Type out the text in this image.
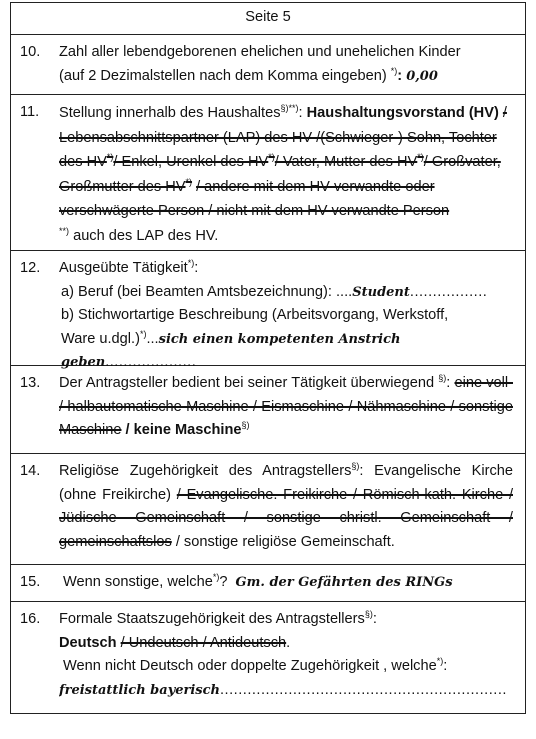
Seite 5
10. Zahl aller lebendgeborenen ehelichen und unehelichen Kinder
(auf 2 Dezimalstellen nach dem Komma eingeben) *): 0,00
11.	Stellung innerhalb des Haushaltes§)**): Haushaltungsvorstand (HV) / Lebensabschnittspartner (LAP) des HV /(Schwieger-) Sohn, Tochter des HV*)/ Enkel, Urenkel des HV*)/ Vater, Mutter des HV*)/ Großvater, Großmutter des HV*) / andere mit dem HV verwandte oder verschwägerte Person / nicht mit dem HV verwandte Person **) auch des LAP des HV.
12. Ausgeübte Tätigkeit*):
a) Beruf (bei Beamten Amtsbezeichnung): ....Student.................
b) Stichwortartige Beschreibung (Arbeitsvorgang, Werkstoff,
Ware u.dgl.)*)...sich einen kompetenten Anstrich geben....................
13.	Der Antragsteller bedient bei seiner Tätigkeit überwiegend §): eine voll- / halbautomatische Maschine / Eismaschine / Nähmaschine / sonstige Maschine / keine Maschine§)
14.	Religiöse Zugehörigkeit des Antragstellers§): Evangelische Kirche (ohne Freikirche) / Evangelische. Freikirche / Römisch-kath. Kirche / Jüdische Gemeinschaft / sonstige christl. Gemeinschaft / gemeinschaftslos / sonstige religiöse Gemeinschaft.
15.	Wenn sonstige, welche*)? Gm. der Gefährten des RINGs
16. Formale Staatszugehörigkeit des Antragstellers§):
Deutsch / Undeutsch / Antideutsch.
Wenn nicht Deutsch oder doppelte Zugehörigkeit , welche*):
freistattlich bayerisch...............................................................
